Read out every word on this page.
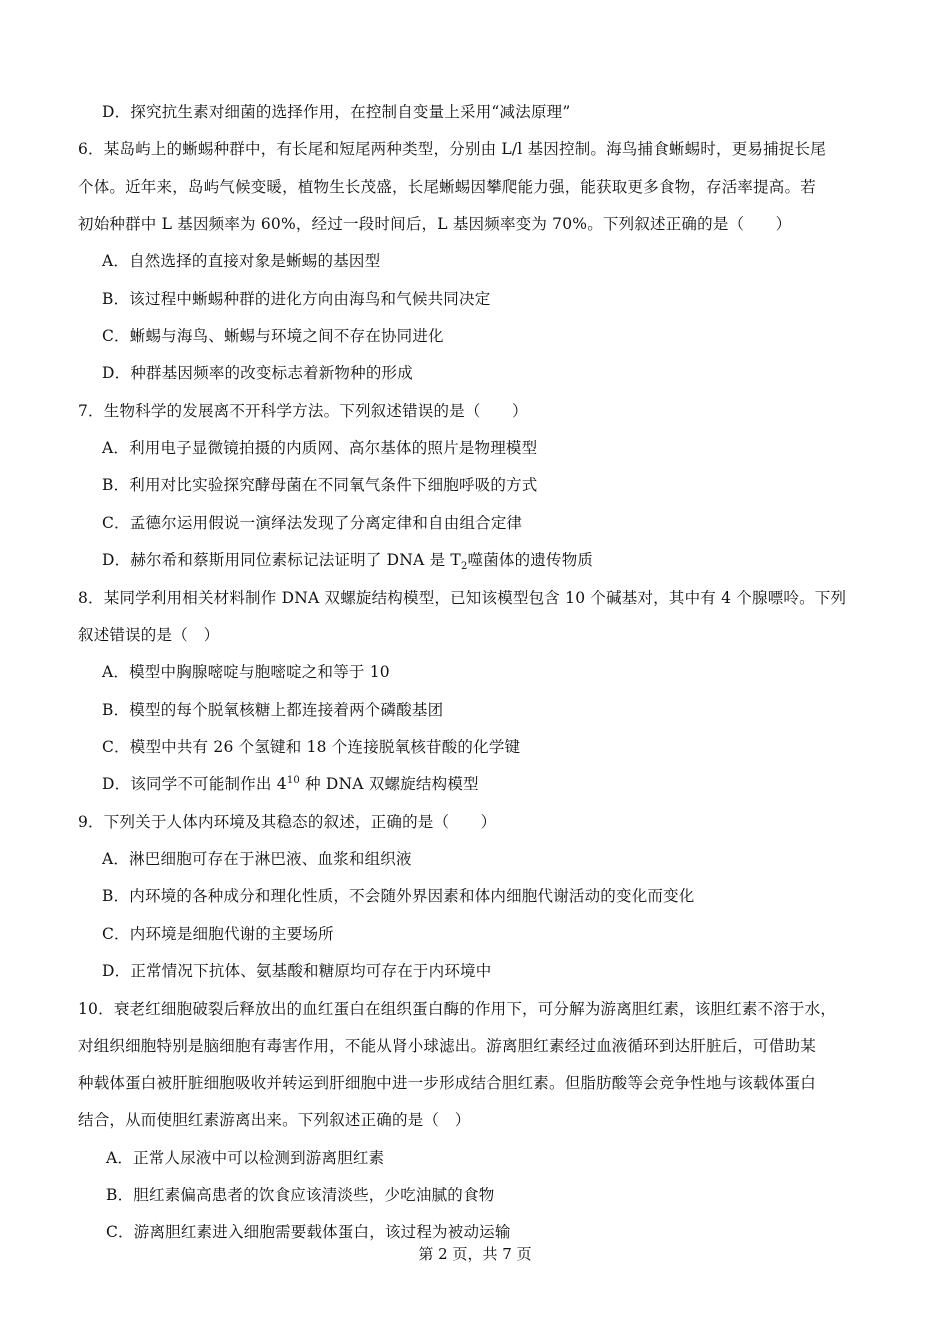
D．探究抗生素对细菌的选择作用，在控制自变量上采用“减法原理”
6．某岛屿上的蜥蜴种群中，有长尾和短尾两种类型，分别由 L/l 基因控制。海鸟捕食蜥蜴时，更易捕捉长尾
个体。近年来，岛屿气候变暖，植物生长茂盛，长尾蜥蜴因攀爬能力强，能获取更多食物，存活率提高。若
初始种群中 L 基因频率为 60%，经过一段时间后，L 基因频率变为 70%。下列叙述正确的是（　　）
A．自然选择的直接对象是蜥蜴的基因型
B．该过程中蜥蜴种群的进化方向由海鸟和气候共同决定
C．蜥蜴与海鸟、蜥蜴与环境之间不存在协同进化
D．种群基因频率的改变标志着新物种的形成
7．生物科学的发展离不开科学方法。下列叙述错误的是（　　）
A．利用电子显微镜拍摄的内质网、高尔基体的照片是物理模型
B．利用对比实验探究酵母菌在不同氧气条件下细胞呼吸的方式
C．孟德尔运用假说一演绎法发现了分离定律和自由组合定律
D．赫尔希和蔡斯用同位素标记法证明了 DNA 是 $T_2$噬菌体的遗传物质
8．某同学利用相关材料制作 DNA 双螺旋结构模型，已知该模型包含 10 个碱基对，其中有 4 个腺嘌呤。下列
叙述错误的是（　）
A．模型中胸腺嘧啶与胞嘧啶之和等于 10
B．模型的每个脱氧核糖上都连接着两个磷酸基团
C．模型中共有 26 个氢键和 18 个连接脱氧核苷酸的化学键
D．该同学不可能制作出 $4^{10}$ 种 DNA 双螺旋结构模型
9．下列关于人体内环境及其稳态的叙述，正确的是（　　）
A．淋巴细胞可存在于淋巴液、血浆和组织液
B．内环境的各种成分和理化性质，不会随外界因素和体内细胞代谢活动的变化而变化
C．内环境是细胞代谢的主要场所
D．正常情况下抗体、氨基酸和糖原均可存在于内环境中
10．衰老红细胞破裂后释放出的血红蛋白在组织蛋白酶的作用下，可分解为游离胆红素，该胆红素不溶于水，
对组织细胞特别是脑细胞有毒害作用，不能从肾小球滤出。游离胆红素经过血液循环到达肝脏后，可借助某
种载体蛋白被肝脏细胞吸收并转运到肝细胞中进一步形成结合胆红素。但脂肪酸等会竞争性地与该载体蛋白
结合，从而使胆红素游离出来。下列叙述正确的是（　）
A．正常人尿液中可以检测到游离胆红素
B．胆红素偏高患者的饮食应该清淡些，少吃油腻的食物
C．游离胆红素进入细胞需要载体蛋白，该过程为被动运输
第 2 页，共 7 页
